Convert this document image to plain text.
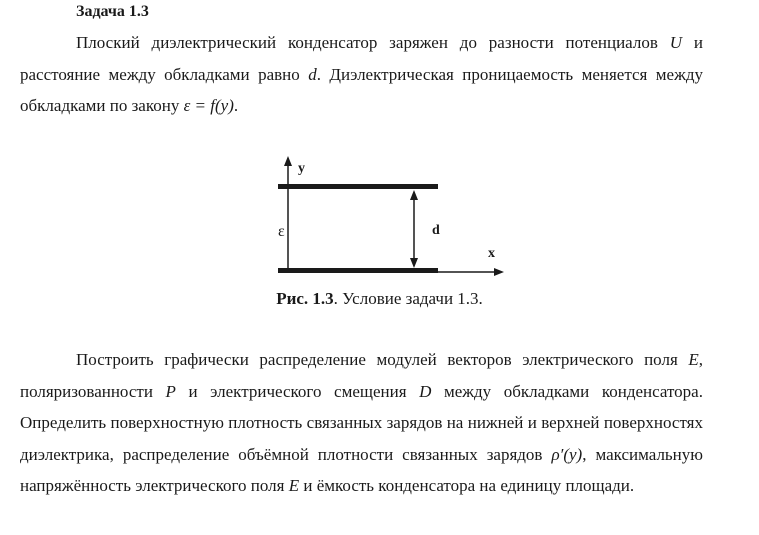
Задача 1.3

Плоский диэлектрический конденсатор заряжен до разности потенциалов U и расстояние между обкладками равно d. Диэлектрическая проницаемость меняется между обкладками по закону ε = f(y).

y
x
ε	d

Рис. 1.3. Условие задачи 1.3.

Построить графически распределение модулей векторов электрического поля E, поляризованности P и электрического смещения D между обкладками конденсатора. Определить поверхностную плотность связанных зарядов на нижней и верхней поверхностях диэлектрика, распределение объёмной плотности связанных зарядов ρ′(y), максимальную напряжённость электрического поля E и ёмкость конденсатора на единицу площади.
